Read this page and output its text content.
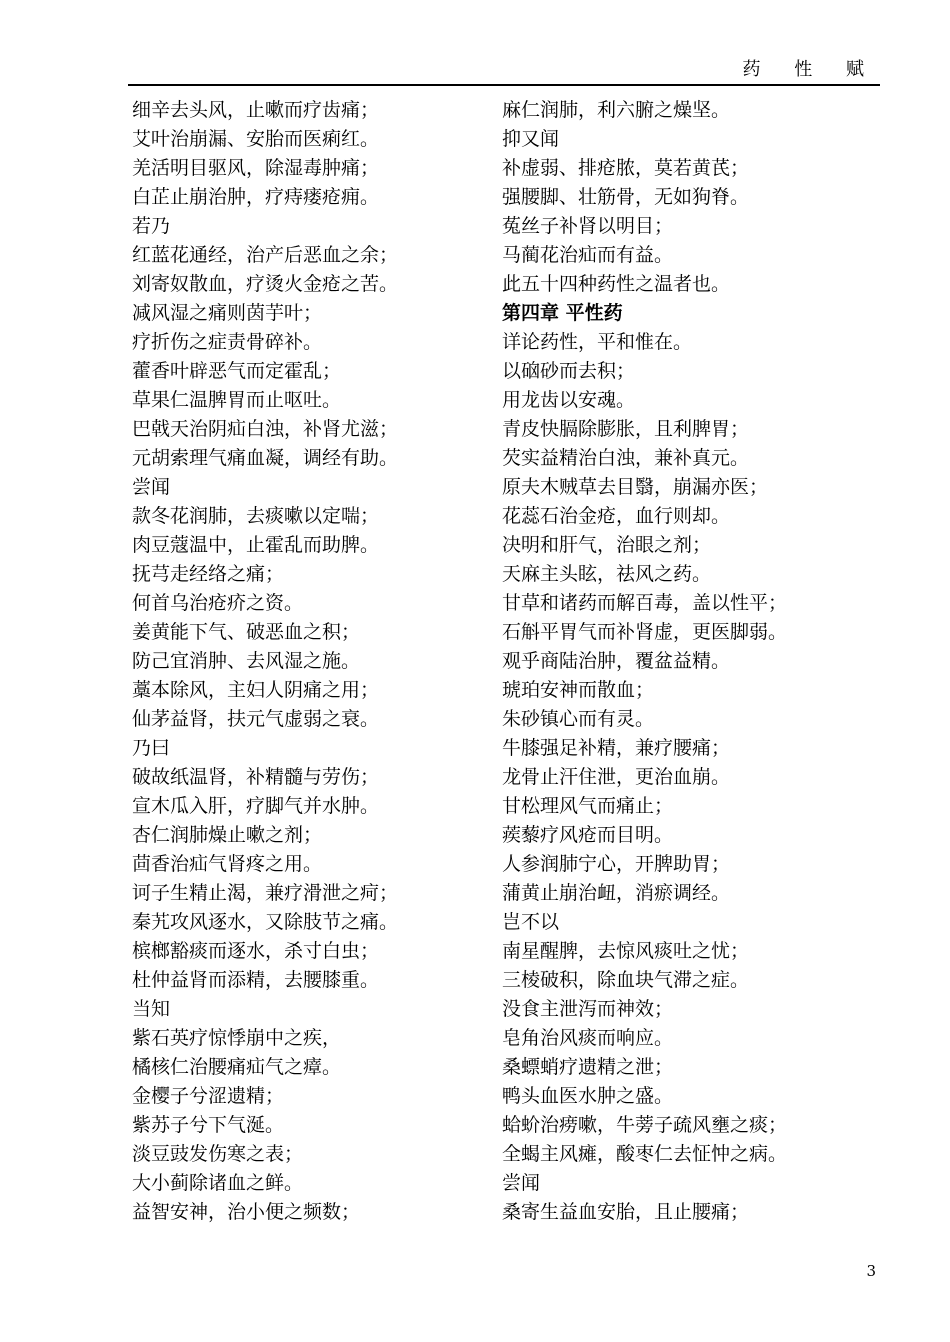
药 性 赋
细辛去头风，止嗽而疗齿痛；
艾叶治崩漏、安胎而医痢红。
羌活明目驱风，除湿毒肿痛；
白芷止崩治肿，疗痔瘘疮痈。
若乃
红蓝花通经，治产后恶血之余；
刘寄奴散血，疗烫火金疮之苦。
减风湿之痛则茵芋叶；
疗折伤之症责骨碎补。
藿香叶辟恶气而定霍乱；
草果仁温脾胃而止呕吐。
巴戟天治阴疝白浊，补肾尤滋；
元胡索理气痛血凝，调经有助。
尝闻
款冬花润肺，去痰嗽以定喘；
肉豆蔻温中，止霍乱而助脾。
抚芎走经络之痛；
何首乌治疮疥之资。
姜黄能下气、破恶血之积；
防己宜消肿、去风湿之施。
藁本除风，主妇人阴痛之用；
仙茅益肾，扶元气虚弱之衰。
乃曰
破故纸温肾，补精髓与劳伤；
宣木瓜入肝，疗脚气并水肿。
杏仁润肺燥止嗽之剂；
茴香治疝气肾疼之用。
诃子生精止渴，兼疗滑泄之疴；
秦艽攻风逐水，又除肢节之痛。
槟榔豁痰而逐水，杀寸白虫；
杜仲益肾而添精，去腰膝重。
当知
紫石英疗惊悸崩中之疾，
橘核仁治腰痛疝气之瘴。
金樱子兮涩遗精；
紫苏子兮下气涎。
淡豆豉发伤寒之表；
大小蓟除诸血之鲜。
益智安神，治小便之频数；
麻仁润肺，利六腑之燥坚。
抑又闻
补虚弱、排疮脓，莫若黄芪；
强腰脚、壮筋骨，无如狗脊。
菟丝子补肾以明目；
马蔺花治疝而有益。
此五十四种药性之温者也。
第四章 平性药
详论药性，平和惟在。
以硇砂而去积；
用龙齿以安魂。
青皮快膈除膨胀，且利脾胃；
芡实益精治白浊，兼补真元。
原夫木贼草去目翳，崩漏亦医；
花蕊石治金疮，血行则却。
决明和肝气，治眼之剂；
天麻主头眩，祛风之药。
甘草和诸药而解百毒，盖以性平；
石斛平胃气而补肾虚，更医脚弱。
观乎商陆治肿，覆盆益精。
琥珀安神而散血；
朱砂镇心而有灵。
牛膝强足补精，兼疗腰痛；
龙骨止汗住泄，更治血崩。
甘松理风气而痛止；
蒺藜疗风疮而目明。
人参润肺宁心，开脾助胃；
蒲黄止崩治衄，消瘀调经。
岂不以
南星醒脾，去惊风痰吐之忧；
三棱破积，除血块气滞之症。
没食主泄泻而神效；
皂角治风痰而响应。
桑螵蛸疗遗精之泄；
鸭头血医水肿之盛。
蛤蚧治痨嗽，牛蒡子疏风壅之痰；
全蝎主风瘫，酸枣仁去怔忡之病。
尝闻
桑寄生益血安胎，且止腰痛；
3
